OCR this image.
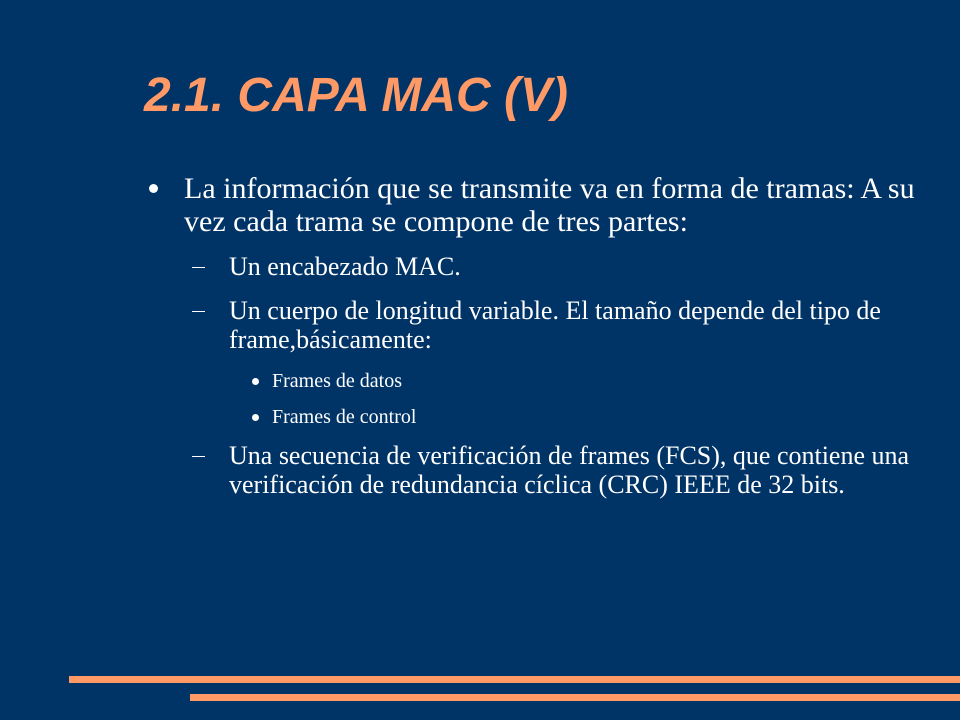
2.1. CAPA MAC (V)
La información que se transmite va en forma de tramas: A su vez cada trama se compone de tres partes:
Un encabezado MAC.
Un cuerpo de longitud variable. El tamaño depende del tipo de frame,básicamente:
Frames de datos
Frames de control
Una secuencia de verificación de frames (FCS), que contiene una verificación de redundancia cíclica (CRC) IEEE de 32 bits.
